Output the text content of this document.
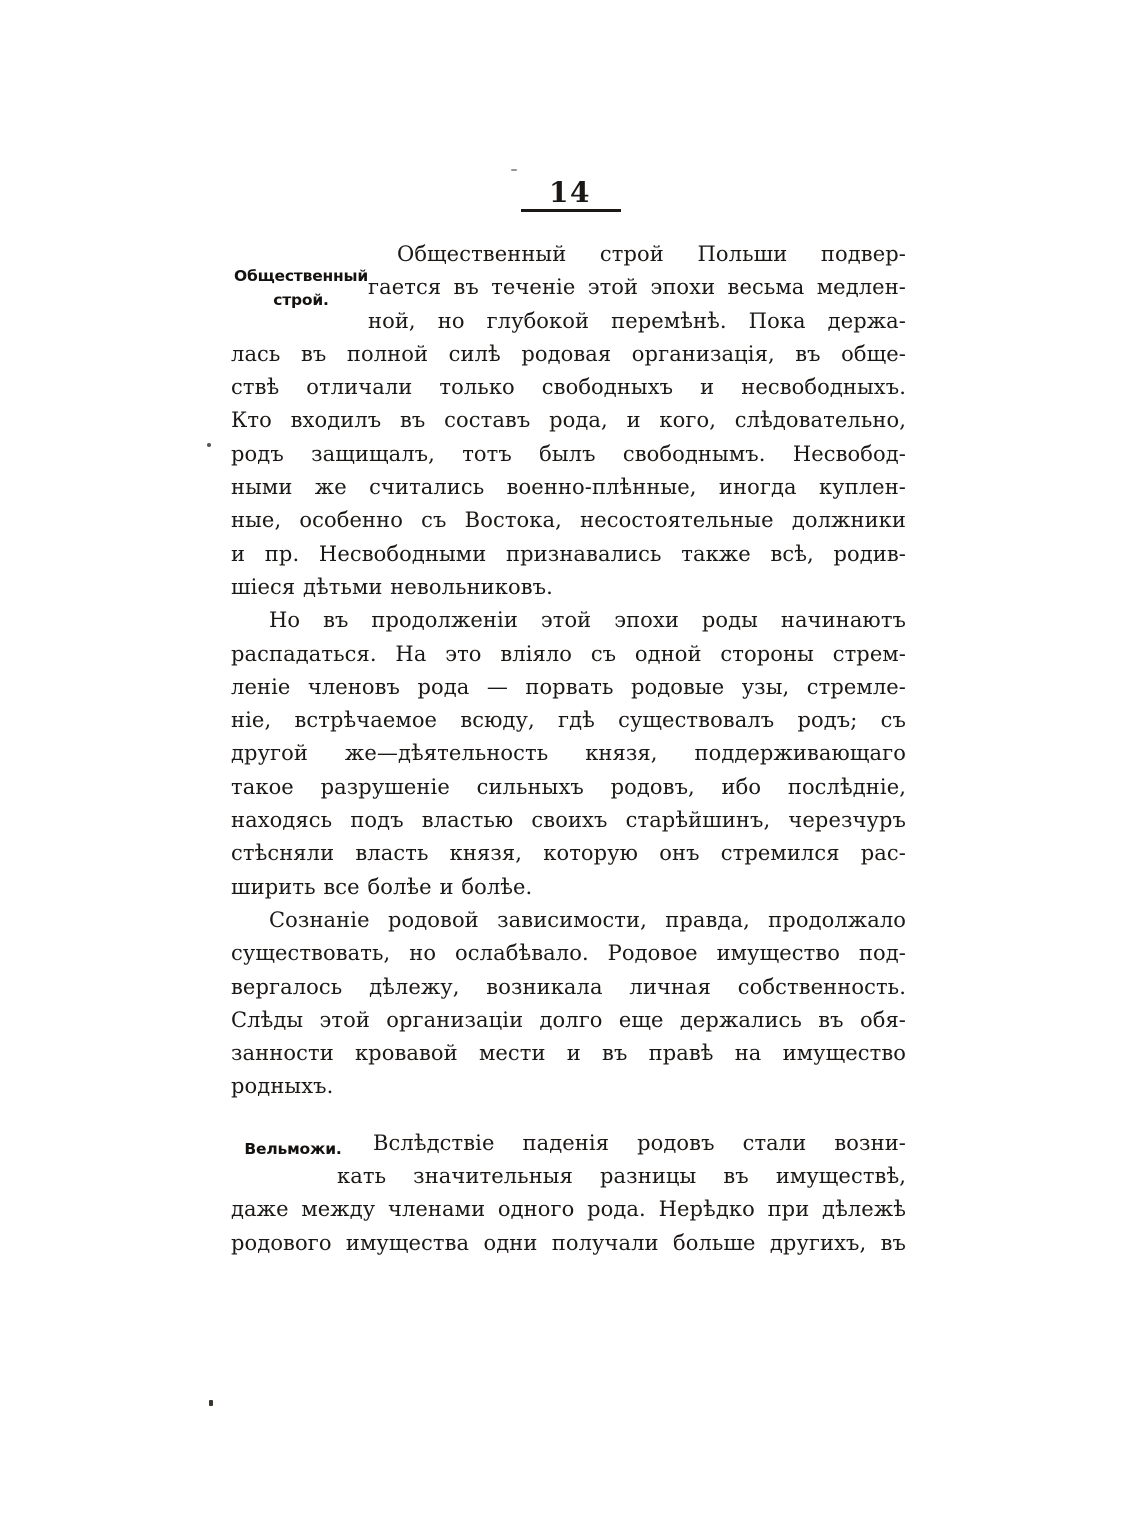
14
Общественный
строй.
Общественный строй Польши подвер-
гается въ теченіе этой эпохи весьма медлен-
ной, но глубокой перемѣнѣ. Пока держа-
лась въ полной силѣ родовая организація, въ обще-
ствѣ отличали только свободныхъ и несвободныхъ.
Кто входилъ въ составъ рода, и кого, слѣдовательно,
родъ защищалъ, тотъ былъ свободнымъ. Несвобод-
ными же считались военно-плѣнные, иногда куплен-
ные, особенно съ Востока, несостоятельные должники
и пр. Несвободными признавались также всѣ, родив-
шіеся дѣтьми невольниковъ.
Но въ продолженіи этой эпохи роды начинаютъ
распадаться. На это вліяло съ одной стороны стрем-
леніе членовъ рода — порвать родовые узы, стремле-
ніе, встрѣчаемое всюду, гдѣ существовалъ родъ; съ
другой же—дѣятельность князя, поддерживающаго
такое разрушеніе сильныхъ родовъ, ибо послѣдніе,
находясь подъ властью своихъ старѣйшинъ, черезчуръ
стѣсняли власть князя, которую онъ стремился рас-
ширить все болѣе и болѣе.
Сознаніе родовой зависимости, правда, продолжало
существовать, но ослабѣвало. Родовое имущество под-
вергалось дѣлежу, возникала личная собственность.
Слѣды этой организаціи долго еще держались въ обя-
занности кровавой мести и въ правѣ на имущество
родныхъ.
Вельможи. Вслѣдствіе паденія родовъ стали возни-
кать значительныя разницы въ имуществѣ,
даже между членами одного рода. Нерѣдко при дѣлежѣ
родового имущества одни получали больше другихъ, въ
